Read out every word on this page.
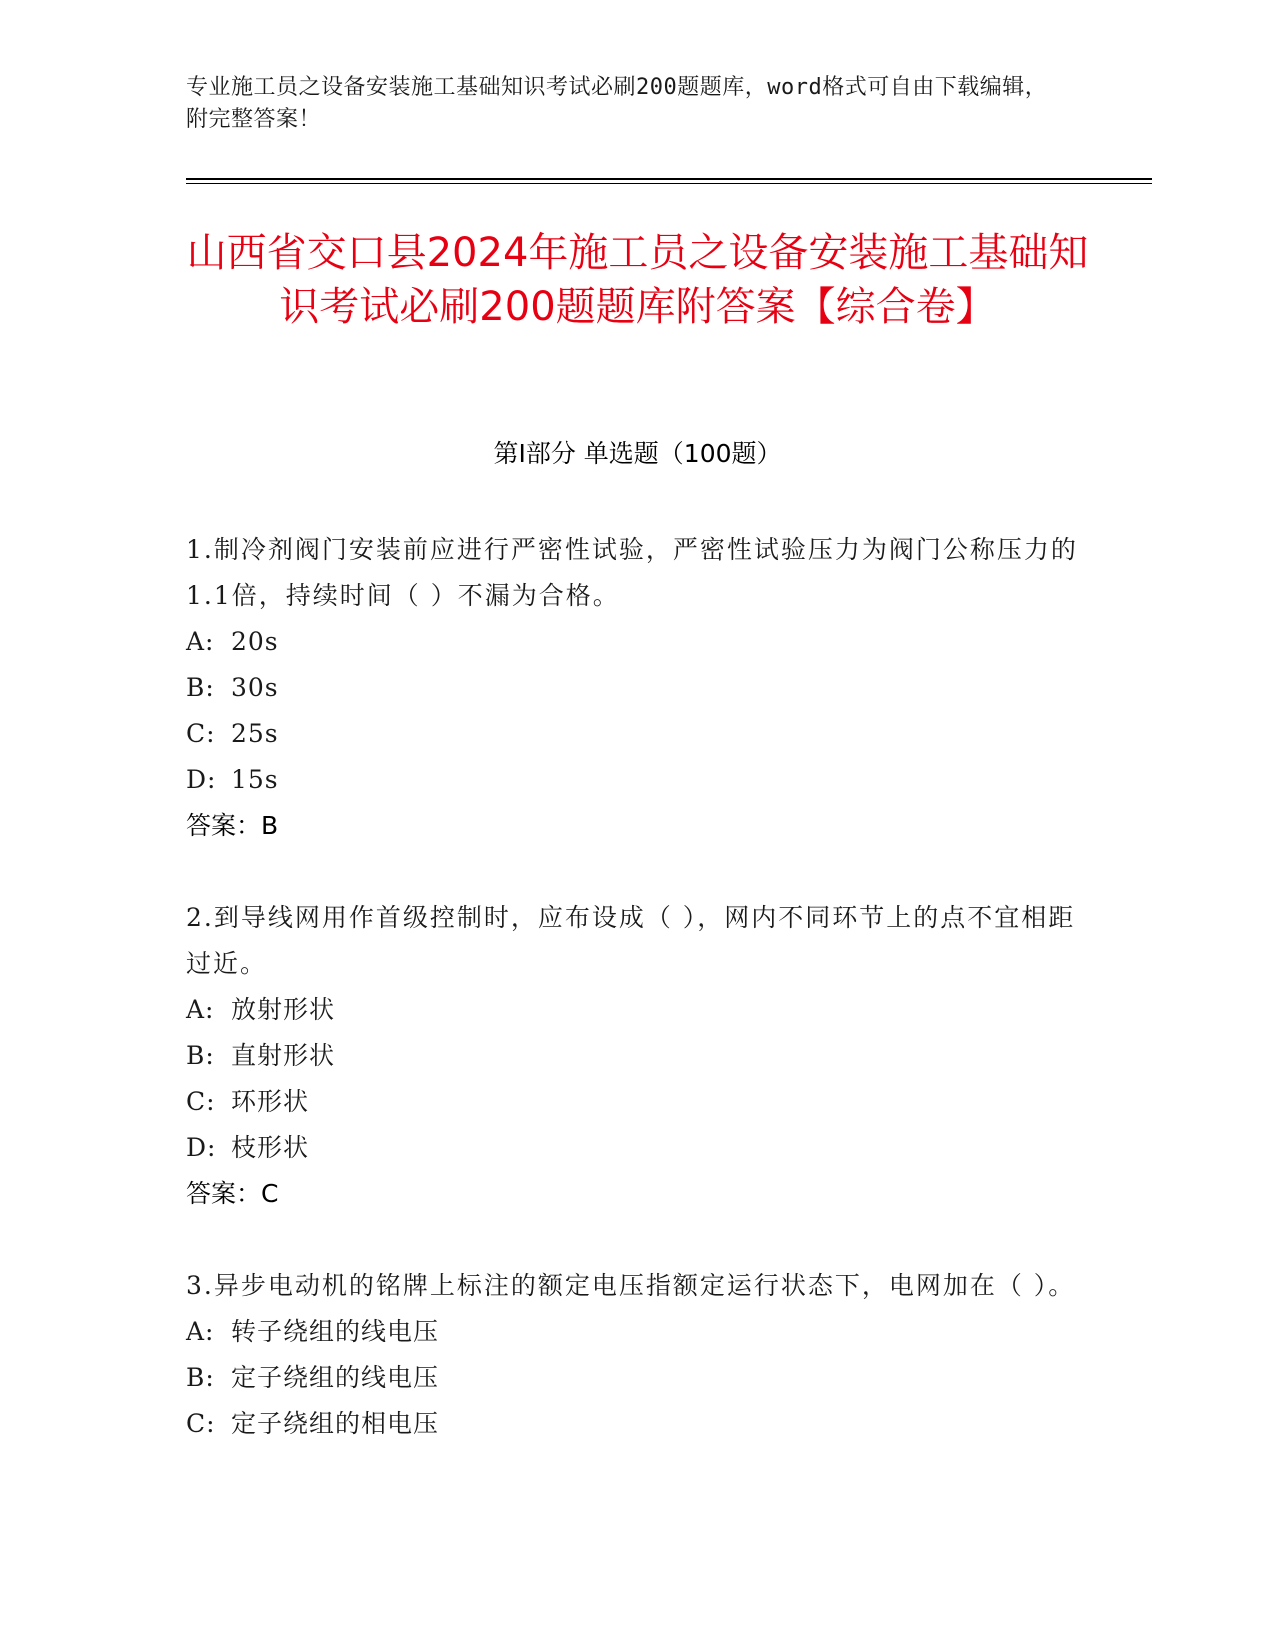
专业施工员之设备安装施工基础知识考试必刷200题题库，word格式可自由下载编辑，附完整答案！
山西省交口县2024年施工员之设备安装施工基础知识考试必刷200题题库附答案【综合卷】
第Ⅰ部分 单选题（100题）

1.制冷剂阀门安装前应进行严密性试验，严密性试验压力为阀门公称压力的1.1倍，持续时间（ ）不漏为合格。

A: 20s
B: 30s
C: 25s
D: 15s
答案：B

2.到导线网用作首级控制时，应布设成（ ），网内不同环节上的点不宜相距过近。

A: 放射形状
B: 直射形状
C: 环形状
D: 枝形状
答案：C

3.异步电动机的铭牌上标注的额定电压指额定运行状态下，电网加在（ ）。

A: 转子绕组的线电压
B: 定子绕组的线电压
C: 定子绕组的相电压
